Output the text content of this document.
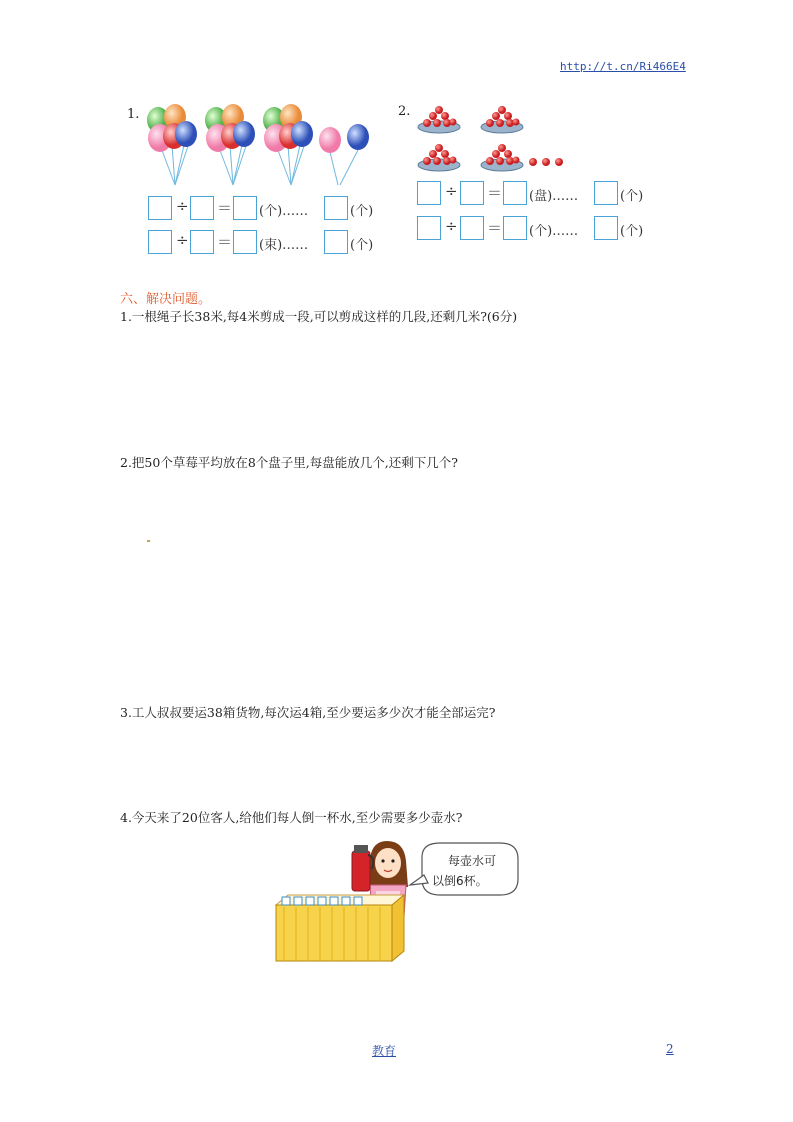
http://t.cn/Ri466E4
1.
÷ ＝ (个)……	(个)
÷ ＝ (束)……	(个)
2.
÷ ＝ (盘)……	(个)
÷ ＝ (个)……	(个)
六、解决问题。
1.一根绳子长38米,每4米剪成一段,可以剪成这样的几段,还剩几米?(6分)
2.把50个草莓平均放在8个盘子里,每盘能放几个,还剩下几个?
3.工人叔叔要运38箱货物,每次运4箱,至少要运多少次才能全部运完?
4.今天来了20位客人,给他们每人倒一杯水,至少需要多少壶水?
每壶水可
以倒6杯。
教育	2
